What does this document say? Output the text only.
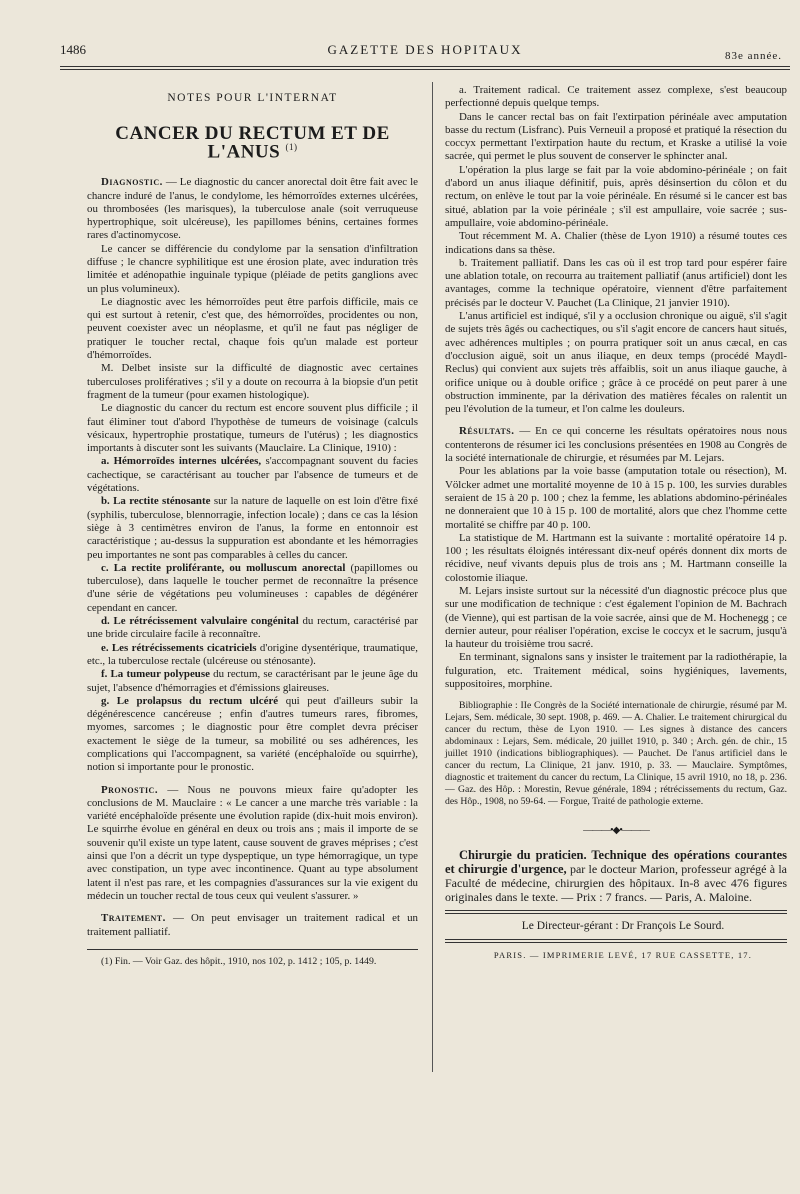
1486	GAZETTE DES HOPITAUX	83e année.
NOTES POUR L'INTERNAT
CANCER DU RECTUM ET DE L'ANUS $^{(1)}$

Diagnostic. — Le diagnostic du cancer anorectal doit être fait avec le chancre induré de l'anus, le condylome, les hémorroïdes externes ulcérées, ou thrombosées (les marisques), la tuberculose anale (soit verruqueuse hypertrophique, soit ulcéreuse), les papillomes bénins, certaines formes rares d'actinomycose.

Le cancer se différencie du condylome par la sensation d'infiltration diffuse ; le chancre syphilitique est une érosion plate, avec induration très limitée et adénopathie inguinale typique (pléiade de petits ganglions avec un plus volumineux).

Le diagnostic avec les hémorroïdes peut être parfois difficile, mais ce qui est surtout à retenir, c'est que, des hémorroïdes, procidentes ou non, peuvent coexister avec un néoplasme, et qu'il ne faut pas négliger de pratiquer le toucher rectal, chaque fois qu'un malade est porteur d'hémorroïdes.

M. Delbet insiste sur la difficulté de diagnostic avec certaines tuberculoses prolifératives ; s'il y a doute on recourra à la biopsie d'un petit fragment de la tumeur (pour examen histologique).

Le diagnostic du cancer du rectum est encore souvent plus difficile ; il faut éliminer tout d'abord l'hypothèse de tumeurs de voisinage (calculs vésicaux, hypertrophie prostatique, tumeurs de l'utérus) ; les diagnostics importants à discuter sont les suivants (Mauclaire. La Clinique, 1910) :

a. Hémorroïdes internes ulcérées, s'accompagnant souvent du facies cachectique, se caractérisant au toucher par l'absence de tumeurs et de végétations.

b. La rectite sténosante sur la nature de laquelle on est loin d'être fixé (syphilis, tuberculose, blennorragie, infection locale) ; dans ce cas la lésion siège à 3 centimètres environ de l'anus, la forme en entonnoir est caractéristique ; au-dessus la suppuration est abondante et les hémorragies peu importantes ne sont pas comparables à celles du cancer.

c. La rectite proliférante, ou molluscum anorectal (papillomes ou tuberculose), dans laquelle le toucher permet de reconnaître la présence d'une série de végétations peu volumineuses : capables de dégénérer cependant en cancer.

d. Le rétrécissement valvulaire congénital du rectum, caractérisé par une bride circulaire facile à reconnaître.

e. Les rétrécissements cicatriciels d'origine dysentérique, traumatique, etc., la tuberculose rectale (ulcéreuse ou sténosante).

f. La tumeur polypeuse du rectum, se caractérisant par le jeune âge du sujet, l'absence d'hémorragies et d'émissions glaireuses.

g. Le prolapsus du rectum ulcéré qui peut d'ailleurs subir la dégénérescence cancéreuse ; enfin d'autres tumeurs rares, fibromes, myomes, sarcomes ; le diagnostic pour être complet devra préciser exactement le siège de la tumeur, sa mobilité ou ses adhérences, les complications qui l'accompagnent, sa variété (encéphaloïde ou squirrhe), notion si importante pour le pronostic.

Pronostic. — Nous ne pouvons mieux faire qu'adopter les conclusions de M. Mauclaire : « Le cancer a une marche très variable : la variété encéphaloïde présente une évolution rapide (dix-huit mois environ). Le squirrhe évolue en général en deux ou trois ans ; mais il importe de se souvenir qu'il existe un type latent, cause souvent de graves méprises ; c'est ainsi que l'on a décrit un type dyspeptique, un type hémorragique, un type avec constipation, un type avec incontinence. Quant au type absolument latent il n'est pas rare, et les compagnies d'assurances sur la vie exigent du médecin un toucher rectal de tous ceux qui veulent s'assurer. »

Traitement. — On peut envisager un traitement radical et un traitement palliatif.

(1) Fin. — Voir Gaz. des hôpit., 1910, nos 102, p. 1412 ; 105, p. 1449.

a. Traitement radical. Ce traitement assez complexe, s'est beaucoup perfectionné depuis quelque temps.

Dans le cancer rectal bas on fait l'extirpation périnéale avec amputation basse du rectum (Lisfranc). Puis Verneuil a proposé et pratiqué la résection du coccyx permettant l'extirpation haute du rectum, et Kraske a utilisé la voie sacrée, qui permet le plus souvent de conserver le sphincter anal.

L'opération la plus large se fait par la voie abdomino-périnéale ; on fait d'abord un anus iliaque définitif, puis, après désinsertion du côlon et du rectum, on enlève le tout par la voie périnéale. En résumé si le cancer est bas situé, ablation par la voie périnéale ; s'il est ampullaire, voie sacrée ; sus-ampullaire, voie abdomino-périnéale.

Tout récemment M. A. Chalier (thèse de Lyon 1910) a résumé toutes ces indications dans sa thèse.

b. Traitement palliatif. Dans les cas où il est trop tard pour espérer faire une ablation totale, on recourra au traitement palliatif (anus artificiel) dont les avantages, comme la technique opératoire, viennent d'être parfaitement précisés par le docteur V. Pauchet (La Clinique, 21 janvier 1910).

L'anus artificiel est indiqué, s'il y a occlusion chronique ou aiguë, s'il s'agit de sujets très âgés ou cachectiques, ou s'il s'agit encore de cancers haut situés, avec adhérences multiples ; on pourra pratiquer soit un anus cæcal, en cas d'occlusion aiguë, soit un anus iliaque, en deux temps (procédé Maydl-Reclus) qui convient aux sujets très affaiblis, soit un anus iliaque gauche, à orifice unique ou à double orifice ; grâce à ce procédé on peut parer à une obstruction imminente, par la dérivation des matières fécales on ralentit un peu l'évolution de la tumeur, et l'on calme les douleurs.

Résultats. — En ce qui concerne les résultats opératoires nous nous contenterons de résumer ici les conclusions présentées en 1908 au Congrès de la société internationale de chirurgie, et résumées par M. Lejars.

Pour les ablations par la voie basse (amputation totale ou résection), M. Völcker admet une mortalité moyenne de 10 à 15 p. 100, les survies durables seraient de 15 à 20 p. 100 ; chez la femme, les ablations abdomino-périnéales ne donneraient que 10 à 15 p. 100 de mortalité, alors que chez l'homme cette mortalité se chiffre par 40 p. 100.

La statistique de M. Hartmann est la suivante : mortalité opératoire 14 p. 100 ; les résultats éloignés intéressant dix-neuf opérés donnent dix morts de récidive, neuf vivants depuis plus de trois ans ; M. Hartmann conseille la colostomie iliaque.

M. Lejars insiste surtout sur la nécessité d'un diagnostic précoce plus que sur une modification de technique : c'est également l'opinion de M. Bachrach (de Vienne), qui est partisan de la voie sacrée, ainsi que de M. Hochenegg ; ce dernier auteur, pour réaliser l'opération, excise le coccyx et le sacrum, jusqu'à la hauteur du troisième trou sacré.

En terminant, signalons sans y insister le traitement par la radiothérapie, la fulguration, etc. Traitement médical, soins hygiéniques, lavements, suppositoires, morphine.

Bibliographie : IIe Congrès de la Société internationale de chirurgie, résumé par M. Lejars, Sem. médicale, 30 sept. 1908, p. 469. — A. Chalier. Le traitement chirurgical du cancer du rectum, thèse de Lyon 1910. — Les signes à distance des cancers abdominaux : Lejars, Sem. médicale, 20 juillet 1910, p. 340 ; Arch. gén. de chir., 15 juillet 1910 (indications bibliographiques). — Pauchet. De l'anus artificiel dans le cancer du rectum, La Clinique, 21 janv. 1910, p. 33. — Mauclaire. Symptômes, diagnostic et traitement du cancer du rectum, La Clinique, 15 avril 1910, no 18, p. 236. — Gaz. des Hôp. : Morestin, Revue générale, 1894 ; rétrécissements du rectum, Gaz. des Hôp., 1908, no 59-64. — Forgue, Traité de pathologie externe.

———•◆•———

Chirurgie du praticien. Technique des opérations courantes et chirurgie d'urgence, par le docteur Marion, professeur agrégé à la Faculté de médecine, chirurgien des hôpitaux. In-8 avec 476 figures originales dans le texte. — Prix : 7 francs. — Paris, A. Maloine.

Le Directeur-gérant : Dr François Le Sourd.

PARIS. — IMPRIMERIE LEVÉ, 17 RUE CASSETTE, 17.
